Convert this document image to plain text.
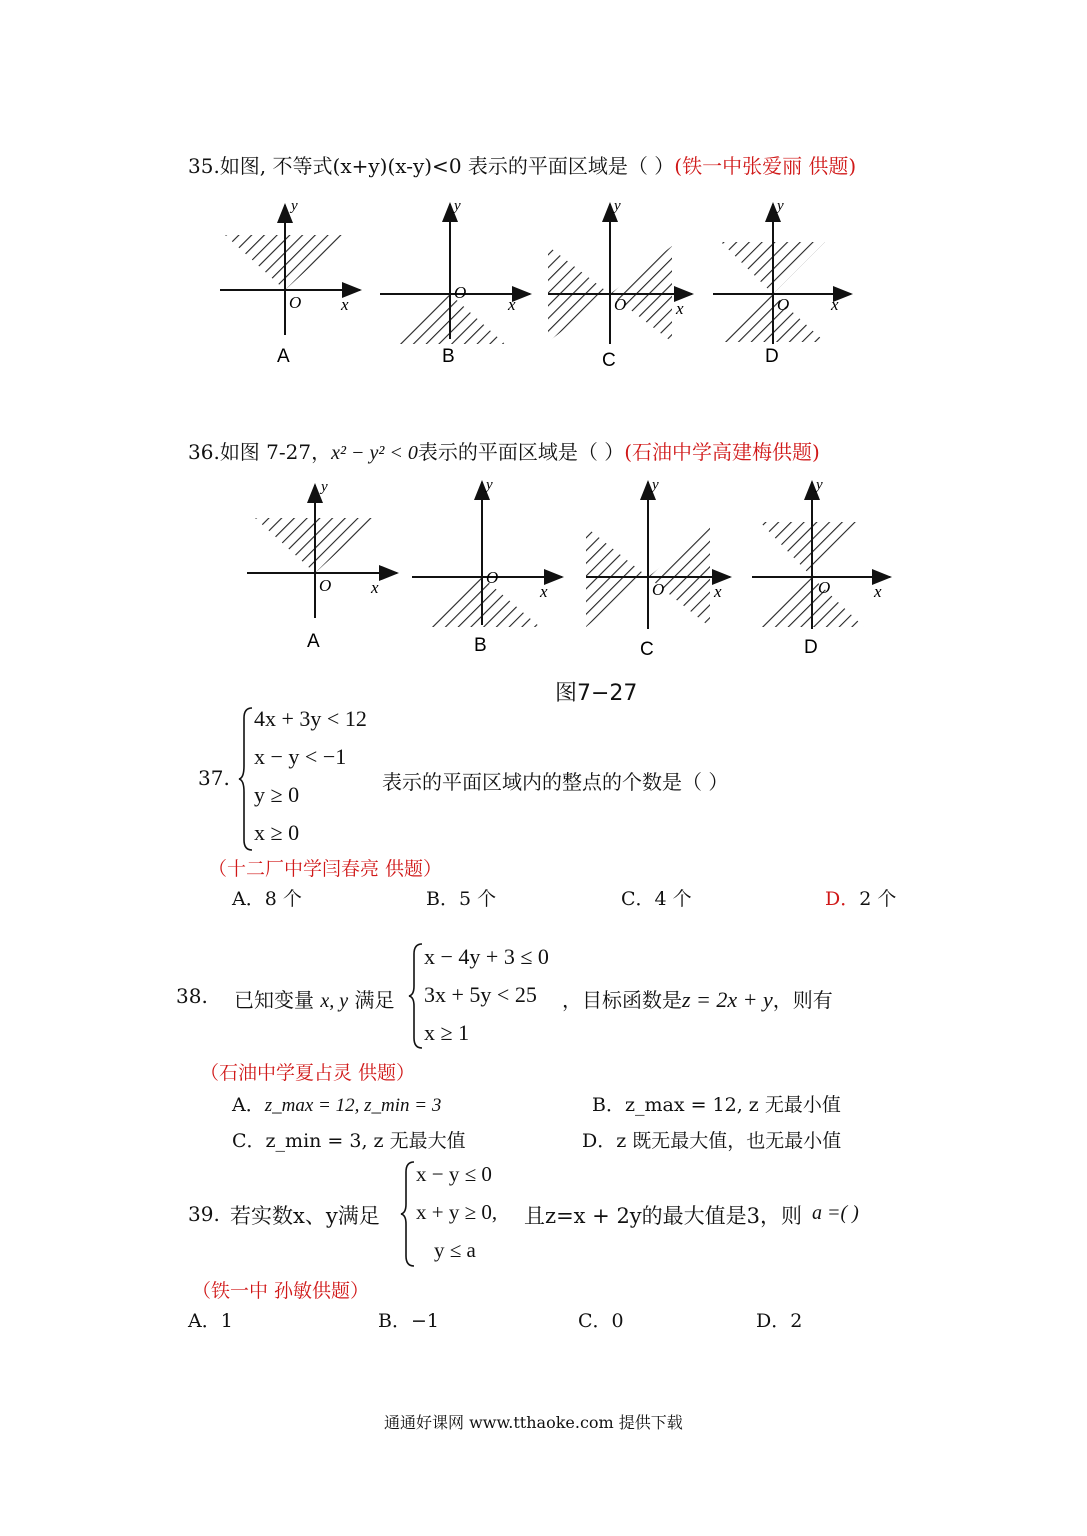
35.如图, 不等式(x+y)(x-y)<0 表示的平面区域是（ ）(铁一中张爱丽 供题)
y
x
O
A
y
x
O
B
y
x
O
C
y
x
O
D
36.如图 7-27，x² − y² < 0表示的平面区域是（ ）(石油中学高建梅供题)
y
x
O
A
y
x
O
B
y
x
O
C
y
x
O
D
图7−27
37.
4x + 3y < 12
x − y < −1
y ≥ 0
x ≥ 0
表示的平面区域内的整点的个数是（ ）
（十二厂中学闫春亮 供题）
A．8 个	B．5 个	C．4 个	D．2 个
38. 已知变量 x, y 满足
x − 4y + 3 ≤ 0
3x + 5y < 25
x ≥ 1
，目标函数是z = 2x + y，则有
（石油中学夏占灵 供题）
A．z_max = 12, z_min = 3	B．z_max = 12, z 无最小值
C．z_min = 3, z 无最大值	D．z 既无最大值，也无最小值
39. 若实数x、y满足
x − y ≤ 0
x + y ≥ 0,
y ≤ a
且z=x + 2y的最大值是3，则 a =( )
（铁一中 孙敏供题）
A．1	B．−1	C．0	D．2
通通好课网 www.tthaoke.com 提供下载
